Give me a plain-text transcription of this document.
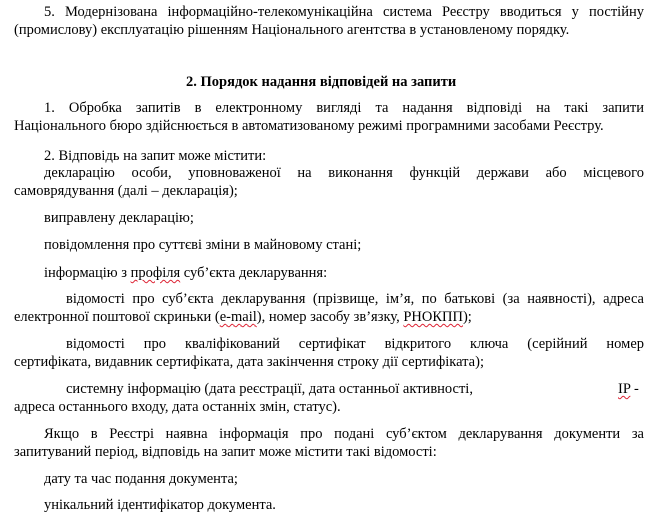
5. Модернізована інформаційно-телекомунікаційна система Реєстру вводиться у постійну
(промислову) експлуатацію рішенням Національного агентства в установленому порядку.
2. Порядок надання відповідей на запити
1. Обробка запитів в електронному вигляді та надання відповіді на такі запити
Національного бюро здійснюється в автоматизованому режимі програмними засобами Реєстру.
2. Відповідь на запит може містити:
декларацію особи, уповноваженої на виконання функцій держави або місцевого
самоврядування (далі – декларація);
виправлену декларацію;
повідомлення про суттєві зміни в майновому стані;
інформацію з профіля суб’єкта декларування:
відомості про суб’єкта декларування (прізвище, ім’я, по батькові (за наявності), адреса
електронної поштової скриньки (e-mail), номер засобу зв’язку, РНОКПП);
відомості про кваліфікований сертифікат відкритого ключа (серійний номер
сертифіката, видавник сертифіката, дата закінчення строку дії сертифіката);
системну інформацію (дата реєстрації, дата останньої активності,	IP -
адреса останнього входу, дата останніх змін, статус).
Якщо в Реєстрі наявна інформація про подані суб’єктом декларування документи за
запитуваний період, відповідь на запит може містити такі відомості:
дату та час подання документа;
унікальний ідентифікатор документа.
